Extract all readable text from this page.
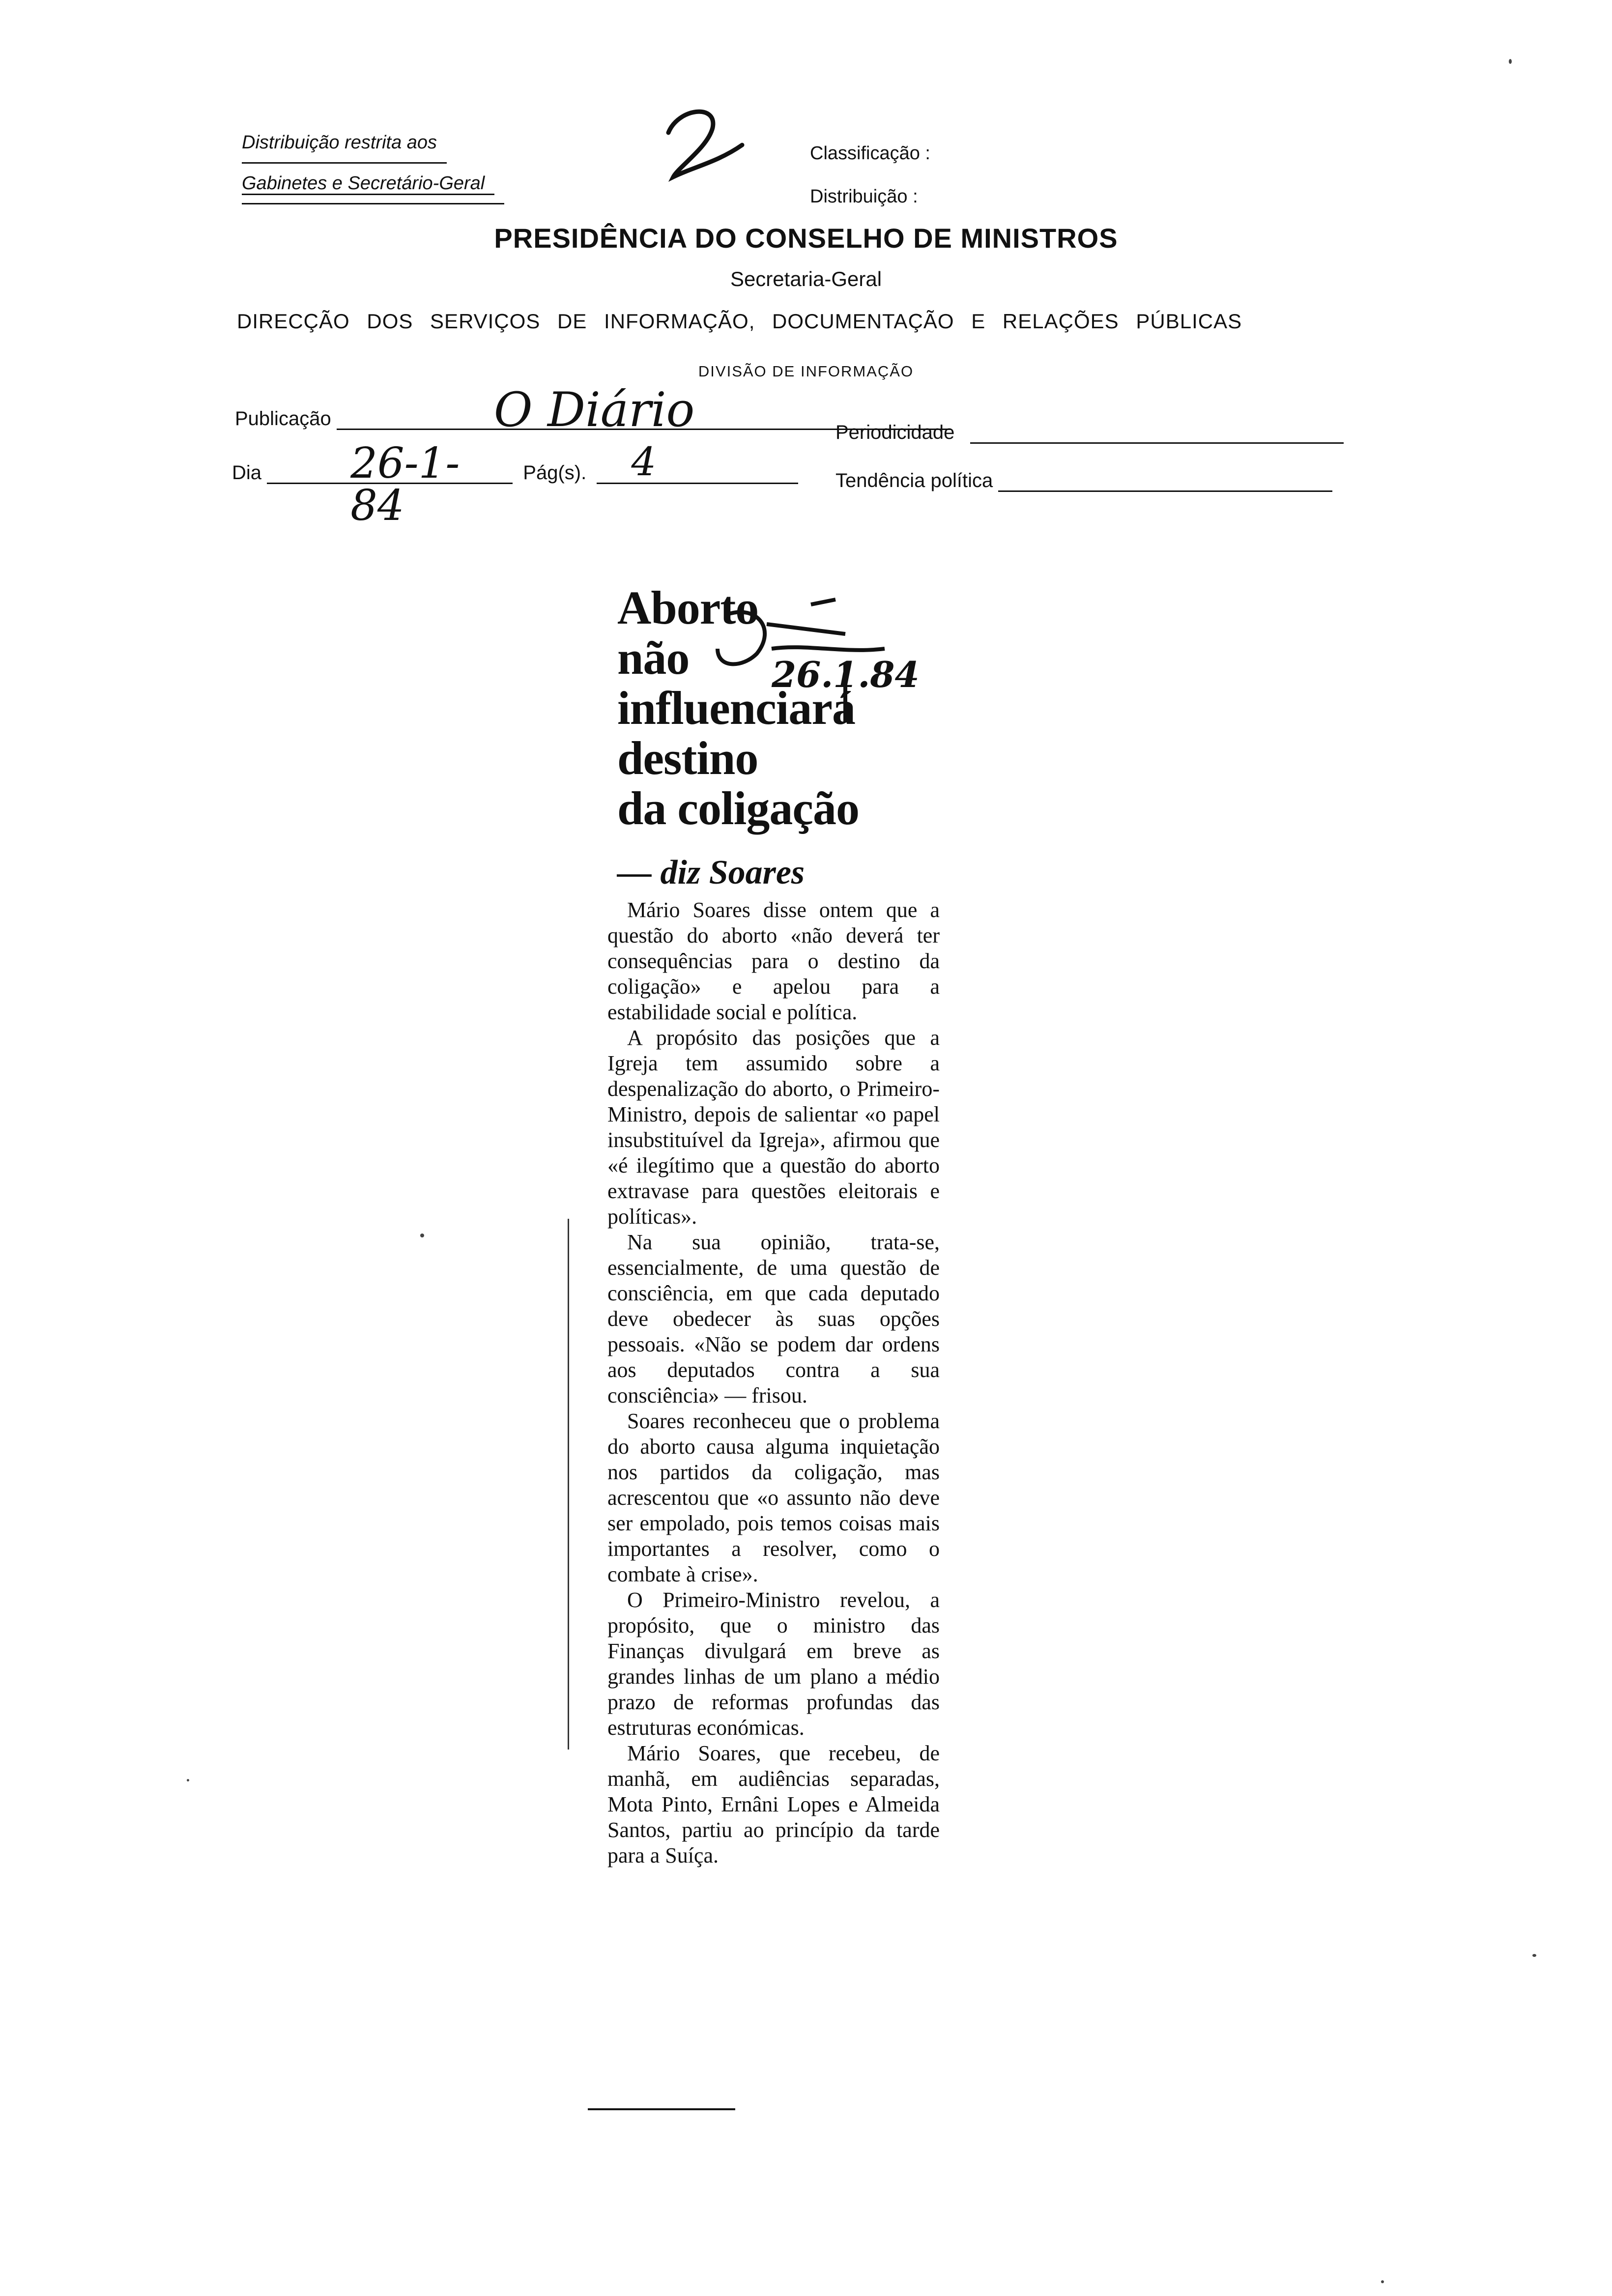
Distribuição restrita aos
Gabinetes e Secretário-Geral
Classificação :
Distribuição :
PRESIDÊNCIA DO CONSELHO DE MINISTROS
Secretaria-Geral
DIRECÇÃO DOS SERVIÇOS DE INFORMAÇÃO, DOCUMENTAÇÃO E RELAÇÕES PÚBLICAS
DIVISÃO DE INFORMAÇÃO
Publicação	O Diário	Periodicidade
Dia 26-1-84
Pág(s). 4	Tendência política
Aborto
não
influenciará
destino
da coligação
26.1.84
— diz Soares

Mário Soares disse ontem que a questão do aborto «não deverá ter consequências para o destino da coligação» e apelou para a estabilidade social e política.

A propósito das posições que a Igreja tem assumido sobre a despenalização do aborto, o Primeiro-Ministro, depois de salientar «o papel insubstituível da Igreja», afirmou que «é ilegítimo que a questão do aborto extravase para questões eleitorais e políticas».

Na sua opinião, trata-se, essencialmente, de uma questão de consciência, em que cada deputado deve obedecer às suas opções pessoais. «Não se podem dar ordens aos deputados contra a sua consciência» — frisou.

Soares reconheceu que o problema do aborto causa alguma inquietação nos partidos da coligação, mas acrescentou que «o assunto não deve ser empolado, pois temos coisas mais importantes a resolver, como o combate à crise».

O Primeiro-Ministro revelou, a propósito, que o ministro das Finanças divulgará em breve as grandes linhas de um plano a médio prazo de reformas profundas das estruturas económicas.

Mário Soares, que recebeu, de manhã, em audiências separadas, Mota Pinto, Ernâni Lopes e Almeida Santos, partiu ao princípio da tarde para a Suíça.
